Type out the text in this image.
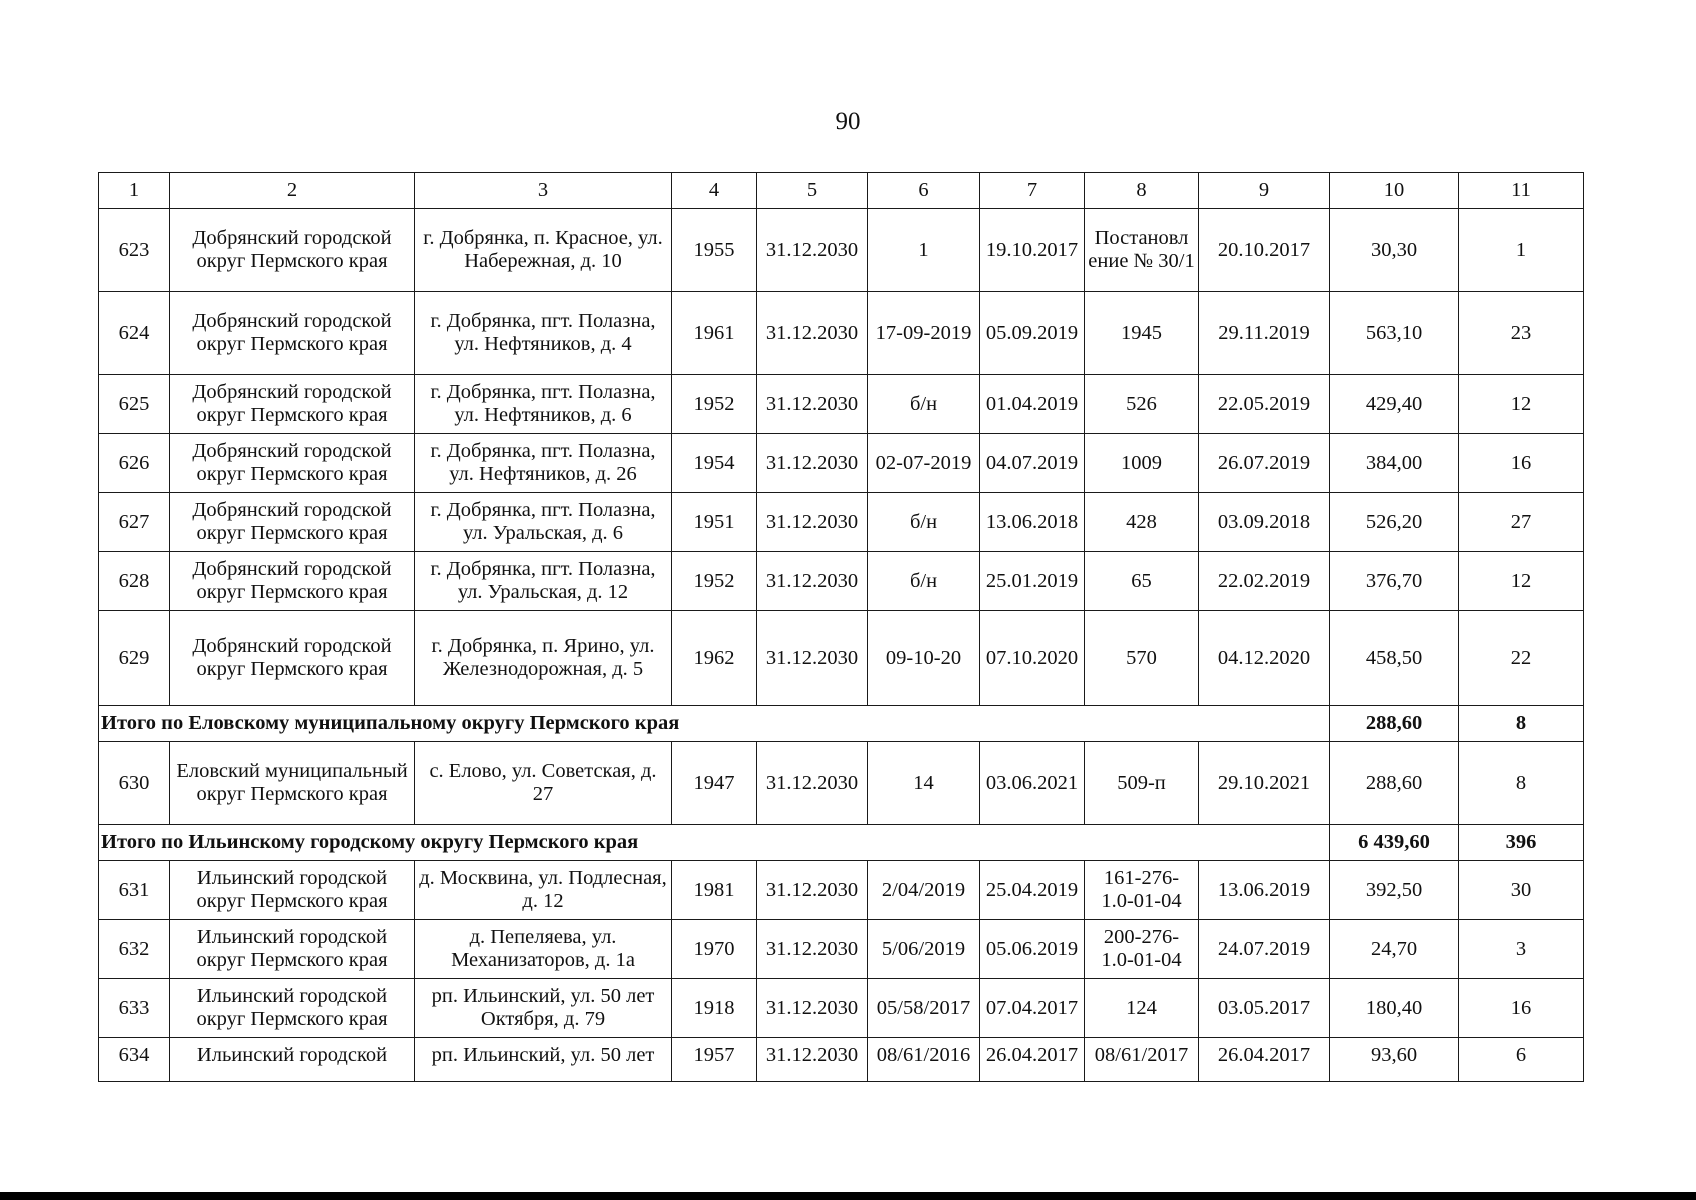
90
1	2	3	4	5	6	7	8	9	10	11
623	Добрянский городской округ Пермского края	г. Добрянка, п. Красное, ул. Набережная, д. 10	1955	31.12.2030	1	19.10.2017	Постановл ение № 30/1	20.10.2017	30,30	1
624	Добрянский городской округ Пермского края	г. Добрянка, пгт. Полазна, ул. Нефтяников, д. 4	1961	31.12.2030	17-09-2019	05.09.2019	1945	29.11.2019	563,10	23
625	Добрянский городской округ Пермского края	г. Добрянка, пгт. Полазна, ул. Нефтяников, д. 6	1952	31.12.2030	б/н	01.04.2019	526	22.05.2019	429,40	12
626	Добрянский городской округ Пермского края	г. Добрянка, пгт. Полазна, ул. Нефтяников, д. 26	1954	31.12.2030	02-07-2019	04.07.2019	1009	26.07.2019	384,00	16
627	Добрянский городской округ Пермского края	г. Добрянка, пгт. Полазна, ул. Уральская, д. 6	1951	31.12.2030	б/н	13.06.2018	428	03.09.2018	526,20	27
628	Добрянский городской округ Пермского края	г. Добрянка, пгт. Полазна, ул. Уральская, д. 12	1952	31.12.2030	б/н	25.01.2019	65	22.02.2019	376,70	12
629	Добрянский городской округ Пермского края	г. Добрянка, п. Ярино, ул. Железнодорожная, д. 5	1962	31.12.2030	09-10-20	07.10.2020	570	04.12.2020	458,50	22
Итого по Еловскому муниципальному округу Пермского края									288,60	8
630	Еловский муниципальный округ Пермского края	с. Елово, ул. Советская, д. 27	1947	31.12.2030	14	03.06.2021	509-п	29.10.2021	288,60	8
Итого по Ильинскому городскому округу Пермского края									6 439,60	396
631	Ильинский городской округ Пермского края	д. Москвина, ул. Подлесная, д. 12	1981	31.12.2030	2/04/2019	25.04.2019	161-276-1.0-01-04	13.06.2019	392,50	30
632	Ильинский городской округ Пермского края	д. Пепеляева, ул. Механизаторов, д. 1а	1970	31.12.2030	5/06/2019	05.06.2019	200-276-1.0-01-04	24.07.2019	24,70	3
633	Ильинский городской округ Пермского края	рп. Ильинский, ул. 50 лет Октября, д. 79	1918	31.12.2030	05/58/2017	07.04.2017	124	03.05.2017	180,40	16
634	Ильинский городской	рп. Ильинский, ул. 50 лет	1957	31.12.2030	08/61/2016	26.04.2017	08/61/2017	26.04.2017	93,60	6
